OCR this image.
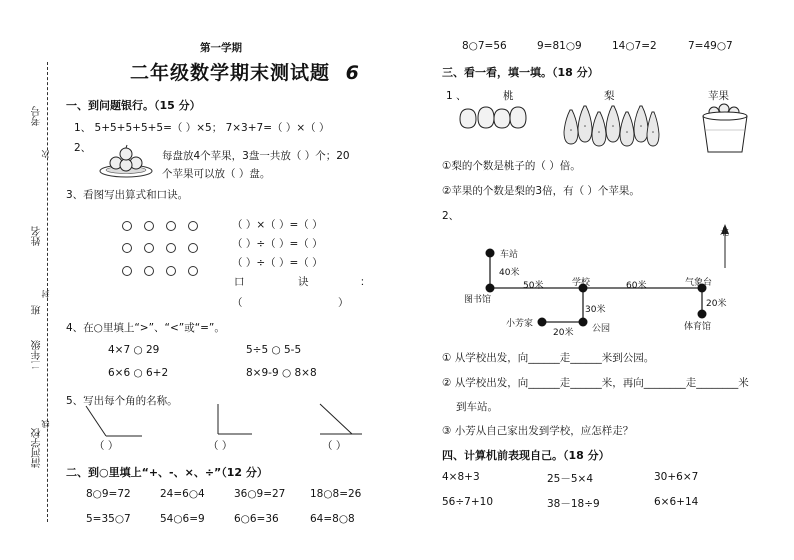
考号
姓名
班
二年级
清河学校
次
封
线
第一学期
二年级数学期末测试题 6
一、到问题银行。（15 分）
1、 5+5+5+5+5=（ ）×5； 7×3+7=（ ）×（ ）
2、
每盘放4个苹果，3盘一共放（ ）个；20
个苹果可以放（ ）盘。
3、看图写出算式和口诀。
（ ）×（ ）=（ ）
（ ）÷（ ）=（ ）
（ ）÷（ ）=（ ）
口	诀	：
（	）
4、在○里填上“>”、“<”或“=”。
4×7 ○ 29	5÷5 ○ 5-5
6×6 ○ 6+2	8×9-9 ○ 8×8
5、写出每个角的名称。
（ ）	（ ）	（ ）
二、到○里填上“+、-、×、÷”（12 分）
8○9=72	24=6○4	36○9=27 18○8=26
5=35○7	54○6=9	6○6=36	64=8○8
8○7=56	9=81○9	14○7=2	7=49○7
三、看一看，填一填。（18 分）
1 、	桃	梨	苹果
①梨的个数是桃子的（ ）倍。
②苹果的个数是梨的3倍，有（ ）个苹果。
2、
北
车站
40米
图书馆
50米	学校	60米	气象台
30米
20米
小芳家	公园
20米
体育馆
① 从学校出发，向______走______米到公园。
② 从学校出发，向______走______米，再向________走________米
到车站。
③ 小芳从自己家出发到学校，应怎样走？
四、计算机前表现自己。（18 分）
4×8+3	25－5×4	30+6×7
56÷7+10	38－18÷9	6×6+14
